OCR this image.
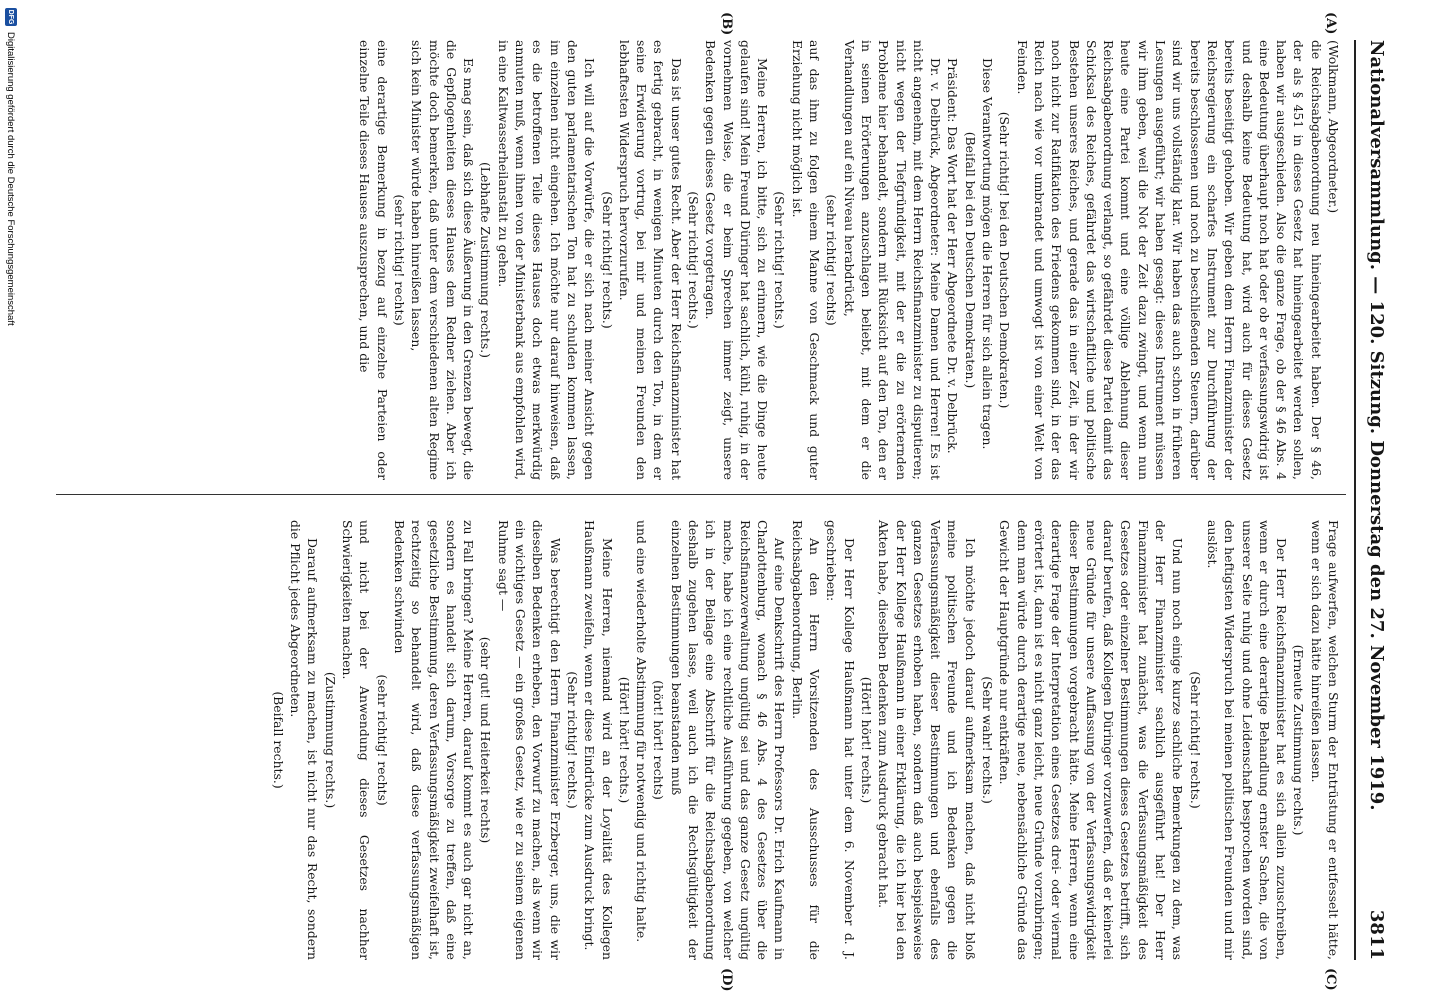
Nationalversammlung. — 120. Sitzung. Donnerstag den 27. November 1919.
3811
(A)
(B)
(C)
(D)

(Wolkmann, Abgeordneter.)

die Reichsabgabenordnung neu hineingearbeitet haben. Der § 46, der als § 451 in dieses Gesetz hat hineingearbeitet werden sollen, haben wir ausgeschieden. Also die ganze Frage, ob der § 46 Abs. 4 eine Bedeutung überhaupt noch hat oder ob er verfassungswidrig ist und deshalb keine Bedeutung hat, wird auch für dieses Gesetz bereits beseitigt gehoben. Wir geben dem Herrn Finanzminister der Reichsregierung ein scharfes Instrument zur Durchführung der bereits beschlossenen und noch zu beschließenden Steuern, darüber sind wir uns vollständig klar. Wir haben das auch schon in früheren Lesungen ausgeführt; wir haben gesagt: dieses Instrument müssen wir ihm geben, weil die Not der Zeit dazu zwingt, und wenn nun heute eine Partei kommt und eine völlige Ablehnung dieser Reichsabgabenordnung verlangt, so gefährdet diese Partei damit das Schicksal des Reiches, gefährdet das wirtschaftliche und politische Bestehen unseres Reiches, und gerade das in einer Zeit, in der wir noch nicht zur Ratifikation des Friedens gekommen sind, in der das Reich nach wie vor umbrandet und umwogt ist von einer Welt von Feinden.

(Sehr richtig! bei den Deutschen Demokraten.)

Diese Verantwortung mögen die Herren für sich allein tragen.

(Beifall bei den Deutschen Demokraten.)

Präsident: Das Wort hat der Herr Abgeordnete Dr. v. Delbrück.

Dr. v. Delbrück, Abgeordneter: Meine Damen und Herren! Es ist nicht angenehm, mit dem Herrn Reichsfinanzminister zu disputieren; nicht wegen der Tiefgründigkeit, mit der er die zu erörternden Probleme hier behandelt, sondern mit Rücksicht auf den Ton, den er in seinen Erörterungen anzuschlagen beliebt, mit dem er die Verhandlungen auf ein Niveau herabdrückt,

(sehr richtig! rechts)

auf das ihm zu folgen einem Manne von Geschmack und guter Erziehung nicht möglich ist.

(Sehr richtig! rechts.)

Meine Herren, ich bitte, sich zu erinnern, wie die Dinge heute gelaufen sind! Mein Freund Düringer hat sachlich, kühl, ruhig, in der vornehmen Weise, die er beim Sprechen immer zeigt, unsere Bedenken gegen dieses Gesetz vorgetragen.

(Sehr richtig! rechts.)

Das ist unser gutes Recht. Aber der Herr Reichsfinanzminister hat es fertig gebracht, in wenigen Minuten durch den Ton, in dem er seine Erwiderung vortrug, bei mir und meinen Freunden den lebhaftesten Widerspruch hervorzurufen.

(Sehr richtig! rechts.)

Ich will auf die Vorwürfe, die er sich nach meiner Ansicht gegen den guten parlamentarischen Ton hat zu schulden kommen lassen, im einzelnen nicht eingehen. Ich möchte nur darauf hinweisen, daß es die betroffenen Teile dieses Hauses doch etwas merkwürdig anmuten muß, wenn ihnen von der Ministerbank aus empfohlen wird, in eine Kaltwasserheilanstalt zu gehen.

(Lebhafte Zustimmung rechts.)

Es mag sein, daß sich diese Äußerung in den Grenzen bewegt, die die Gepflogenheiten dieses Hauses dem Redner ziehen. Aber ich möchte doch bemerken, daß unter dem verschiedenen alten Regime sich kein Minister würde haben hinreißen lassen,

(sehr richtig! rechts)

eine derartige Bemerkung in bezug auf einzelne Parteien oder einzelne Teile dieses Hauses auszusprechen, und die

Frage aufwerfen, welchen Sturm der Entrüstung er entfesselt hätte, wenn er sich dazu hätte hinreißen lassen.

(Erneute Zustimmung rechts.)

Der Herr Reichsfinanzminister hat es sich allein zuzuschreiben, wenn er durch eine derartige Behandlung ernster Sachen, die von unserer Seite ruhig und ohne Leidenschaft besprochen worden sind, den heftigsten Widerspruch bei meinen politischen Freunden und mir auslöst.

(Sehr richtig! rechts.)

Und nun noch einige kurze sachliche Bemerkungen zu dem, was der Herr Finanzminister sachlich ausgeführt hat! Der Herr Finanzminister hat zunächst, was die Verfassungsmäßigkeit des Gesetzes oder einzelner Bestimmungen dieses Gesetzes betrifft, sich darauf berufen, daß Kollegen Düringer vorzuwerfen, daß er keinerlei neue Gründe für unsere Auffassung von der Verfassungswidrigkeit dieser Bestimmungen vorgebracht hätte. Meine Herren, wenn eine derartige Frage der Interpretation eines Gesetzes drei- oder viermal erörtert ist, dann ist es nicht ganz leicht, neue Gründe vorzubringen; denn man würde durch derartige neue, nebensächliche Gründe das Gewicht der Hauptgründe nur entkräften.

(Sehr wahr! rechts.)

Ich möchte jedoch darauf aufmerksam machen, daß nicht bloß meine politischen Freunde und ich Bedenken gegen die Verfassungsmäßigkeit dieser Bestimmungen und ebenfalls des ganzen Gesetzes erhoben haben, sondern daß auch beispielsweise der Herr Kollege Haußmann in einer Erklärung, die ich hier bei den Akten habe, dieselben Bedenken zum Ausdruck gebracht hat.

(Hört! hört! rechts.)

Der Herr Kollege Haußmann hat unter dem 6. November d. J. geschrieben:

An den Herrn Vorsitzenden des Ausschusses für die Reichsabgabenordnung, Berlin.

Auf eine Denkschrift des Herrn Professors Dr. Erich Kaufmann in Charlottenburg, wonach § 46 Abs. 4 des Gesetzes über die Reichsfinanzverwaltung ungültig sei und das ganze Gesetz ungültig mache, habe ich eine rechtliche Ausführung gegeben, von welcher ich in der Beilage eine Abschrift für die Reichsabgabenordnung deshalb zugehen lasse, weil auch ich die Rechtsgültigkeit der einzelnen Bestimmungen beanstanden muß

(hört! hört! rechts)

und eine wiederholte Abstimmung für notwendig und richtig halte.

(Hört! hört! rechts.)

Meine Herren, niemand wird an der Loyalität des Kollegen Haußmann zweifeln, wenn er diese Eindrücke zum Ausdruck bringt.

(Sehr richtig! rechts.)

Was berechtigt den Herrn Finanzminister Erzberger, uns, die wir dieselben Bedenken erheben, den Vorwurf zu machen, als wenn wir ein wichtiges Gesetz — ein großes Gesetz, wie er zu seinem eigenen Ruhme sagt —

(sehr gut! und Heiterkeit rechts)

zu Fall bringen? Meine Herren, darauf kommt es auch gar nicht an, sondern es handelt sich darum, Vorsorge zu treffen, daß eine gesetzliche Bestimmung, deren Verfassungsmäßigkeit zweifelhaft ist, rechtzeitig so behandelt wird, daß diese verfassungsmäßigen Bedenken schwinden

(sehr richtig! rechts)

und nicht bei der Anwendung dieses Gesetzes nachher Schwierigkeiten machen.

(Zustimmung rechts.)

Darauf aufmerksam zu machen, ist nicht nur das Recht, sondern die Pflicht jedes Abgeordneten.

(Beifall rechts.)

DFG
Digitalisierung gefördert durch die Deutsche Forschungsgemeinschaft
